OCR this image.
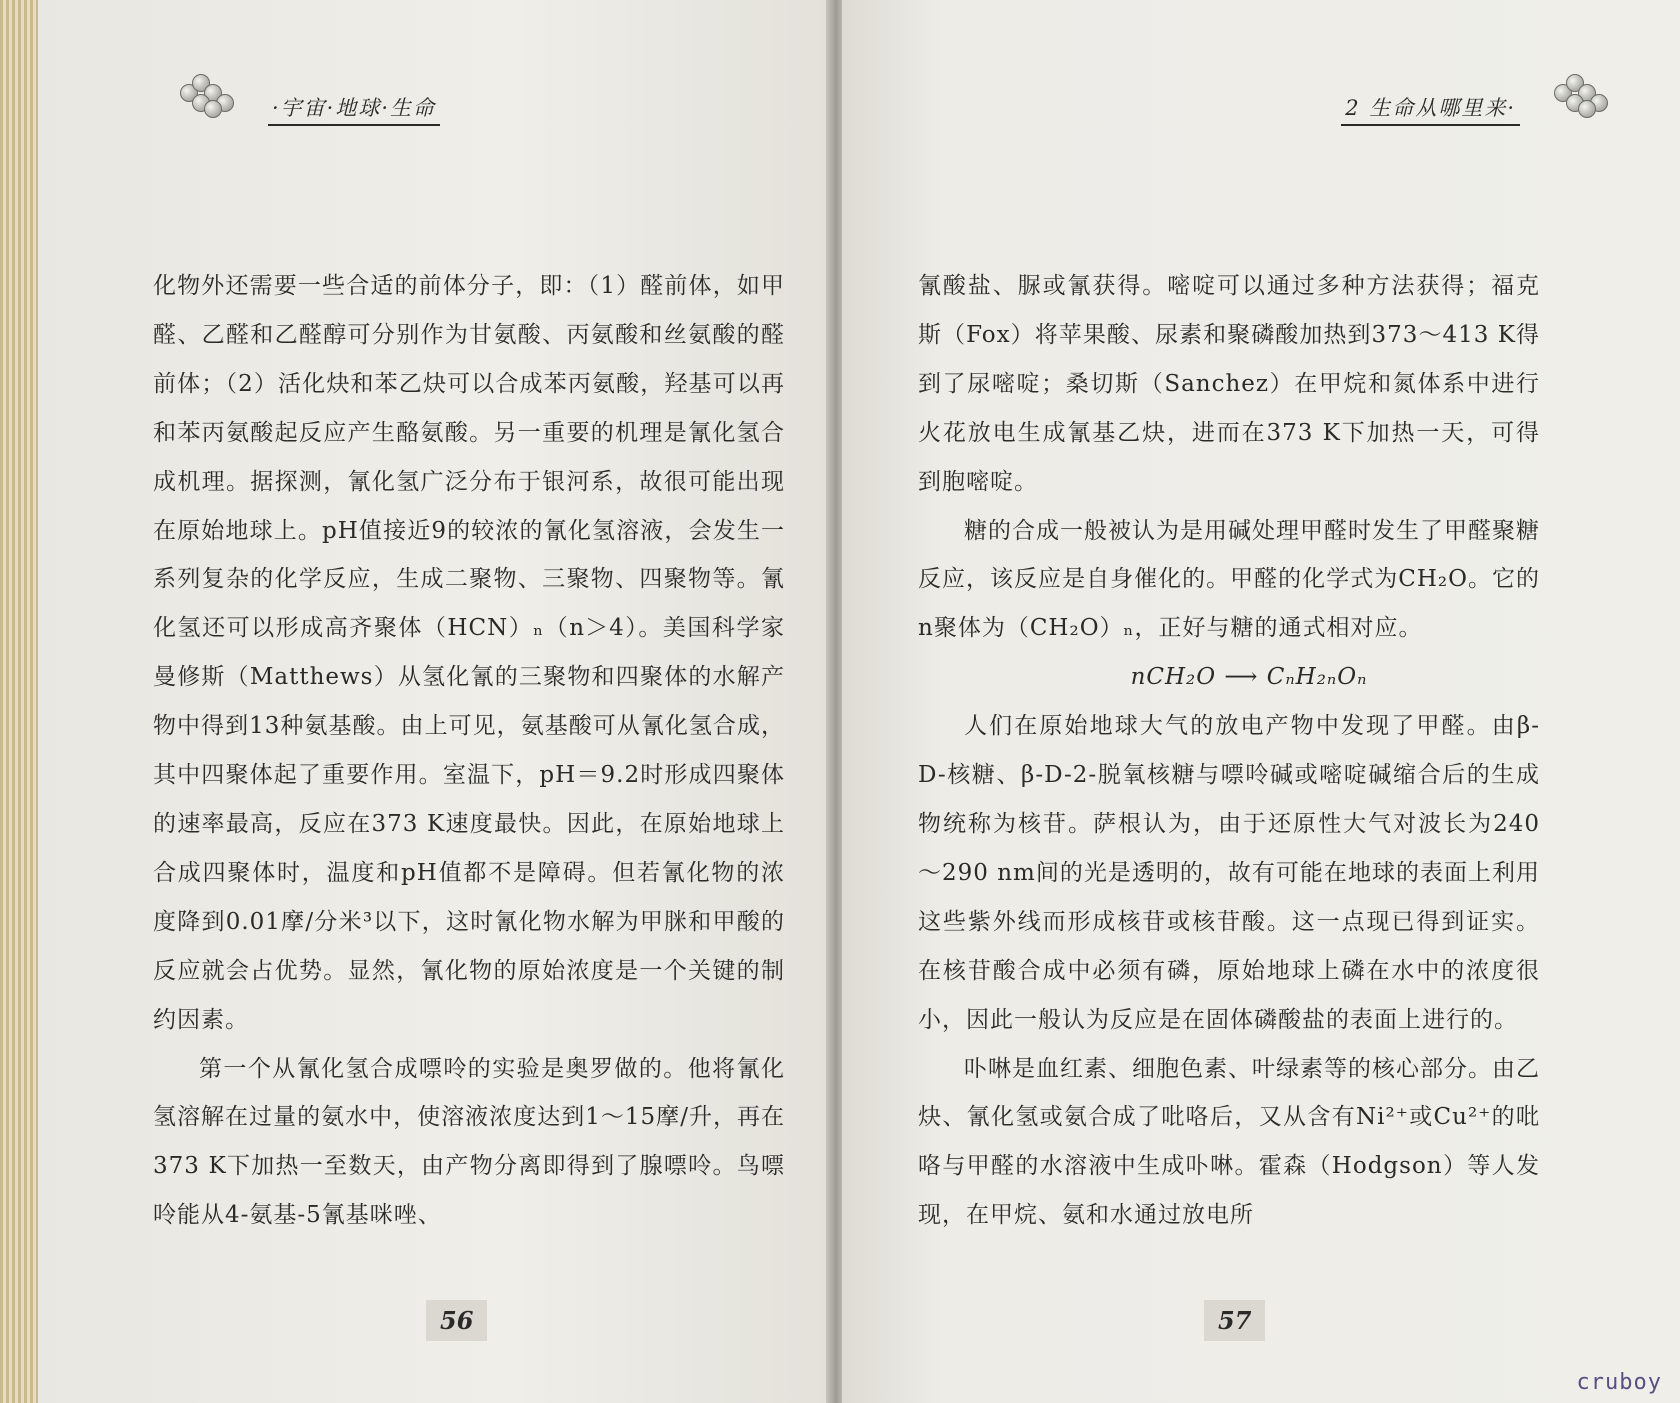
·宇宙·地球·生命

化物外还需要一些合适的前体分子，即：（1）醛前体，如甲醛、乙醛和乙醛醇可分别作为甘氨酸、丙氨酸和丝氨酸的醛前体；（2）活化炔和苯乙炔可以合成苯丙氨酸，羟基可以再和苯丙氨酸起反应产生酪氨酸。另一重要的机理是氰化氢合成机理。据探测，氰化氢广泛分布于银河系，故很可能出现在原始地球上。pH值接近9的较浓的氰化氢溶液，会发生一系列复杂的化学反应，生成二聚物、三聚物、四聚物等。氰化氢还可以形成高齐聚体（HCN）ₙ（n＞4）。美国科学家曼修斯（Matthews）从氢化氰的三聚物和四聚体的水解产物中得到13种氨基酸。由上可见，氨基酸可从氰化氢合成，其中四聚体起了重要作用。室温下，pH＝9.2时形成四聚体的速率最高，反应在373 K速度最快。因此，在原始地球上合成四聚体时，温度和pH值都不是障碍。但若氰化物的浓度降到0.01摩/分米³以下，这时氰化物水解为甲脒和甲酸的反应就会占优势。显然，氰化物的原始浓度是一个关键的制约因素。

第一个从氰化氢合成嘌呤的实验是奥罗做的。他将氰化氢溶解在过量的氨水中，使溶液浓度达到1～15摩/升，再在373 K下加热一至数天，由产物分离即得到了腺嘌呤。鸟嘌呤能从4-氨基-5氰基咪唑、

56
2 生命从哪里来·

氰酸盐、脲或氰获得。嘧啶可以通过多种方法获得；福克斯（Fox）将苹果酸、尿素和聚磷酸加热到373～413 K得到了尿嘧啶；桑切斯（Sanchez）在甲烷和氮体系中进行火花放电生成氰基乙炔，进而在373 K下加热一天，可得到胞嘧啶。

糖的合成一般被认为是用碱处理甲醛时发生了甲醛聚糖反应，该反应是自身催化的。甲醛的化学式为CH₂O。它的n聚体为（CH₂O）ₙ，正好与糖的通式相对应。

nCH₂O ⟶ CₙH₂ₙOₙ

人们在原始地球大气的放电产物中发现了甲醛。由β-D-核糖、β-D-2-脱氧核糖与嘌呤碱或嘧啶碱缩合后的生成物统称为核苷。萨根认为，由于还原性大气对波长为240～290 nm间的光是透明的，故有可能在地球的表面上利用这些紫外线而形成核苷或核苷酸。这一点现已得到证实。在核苷酸合成中必须有磷，原始地球上磷在水中的浓度很小，因此一般认为反应是在固体磷酸盐的表面上进行的。

卟啉是血红素、细胞色素、叶绿素等的核心部分。由乙炔、氰化氢或氨合成了吡咯后，又从含有Ni²⁺或Cu²⁺的吡咯与甲醛的水溶液中生成卟啉。霍森（Hodgson）等人发现，在甲烷、氨和水通过放电所

57
cruboy
